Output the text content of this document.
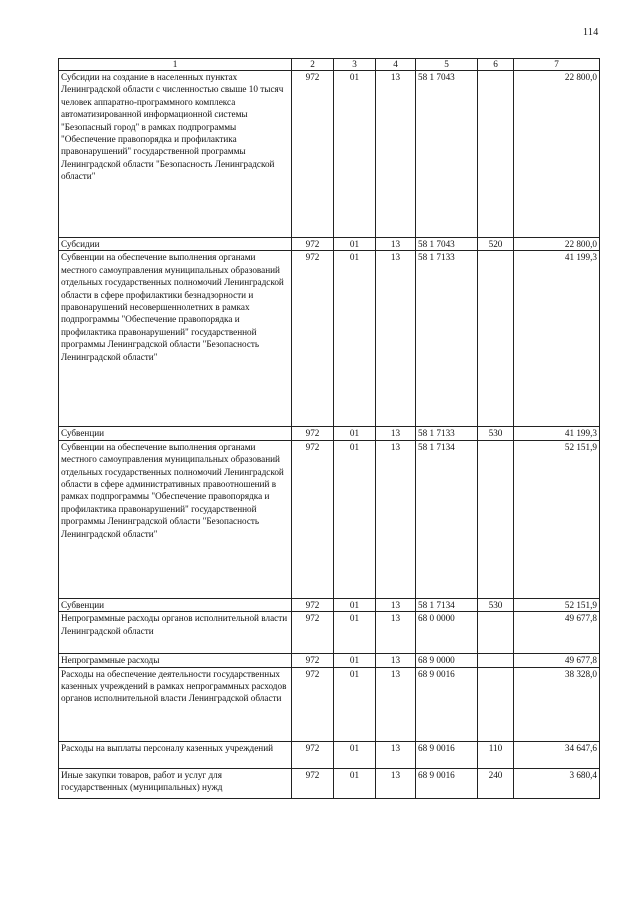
114
1	2	3	4	5	6	7
Субсидии на создание в населенных пунктах Ленинградской области с численностью свыше 10 тысяч человек аппаратно-программного комплекса автоматизированной информационной системы "Безопасный город" в рамках подпрограммы "Обеспечение правопорядка и профилактика правонарушений" государственной программы Ленинградской области "Безопасность Ленинградской области"	972	01	13	58 1 7043		22 800,0
Субсидии	972	01	13	58 1 7043	520	22 800,0
Субвенции на обеспечение выполнения органами местного самоуправления муниципальных образований отдельных государственных полномочий Ленинградской области в сфере профилактики безнадзорности и правонарушений несовершеннолетних в рамках подпрограммы "Обеспечение правопорядка и профилактика правонарушений" государственной программы Ленинградской области "Безопасность Ленинградской области"	972	01	13	58 1 7133		41 199,3
Субвенции	972	01	13	58 1 7133	530	41 199,3
Субвенции на обеспечение выполнения органами местного самоуправления муниципальных образований отдельных государственных полномочий Ленинградской области в сфере административных правоотношений в рамках подпрограммы "Обеспечение правопорядка и профилактика правонарушений" государственной программы Ленинградской области "Безопасность Ленинградской области"	972	01	13	58 1 7134		52 151,9
Субвенции	972	01	13	58 1 7134	530	52 151,9
Непрограммные расходы органов исполнительной власти Ленинградской области	972	01	13	68 0 0000		49 677,8
Непрограммные расходы	972	01	13	68 9 0000		49 677,8
Расходы на обеспечение деятельности государственных казенных учреждений в рамках непрограммных расходов органов исполнительной власти Ленинградской области	972	01	13	68 9 0016		38 328,0
Расходы на выплаты персоналу казенных учреждений	972	01	13	68 9 0016	110	34 647,6
Иные закупки товаров, работ и услуг для государственных (муниципальных) нужд	972	01	13	68 9 0016	240	3 680,4
